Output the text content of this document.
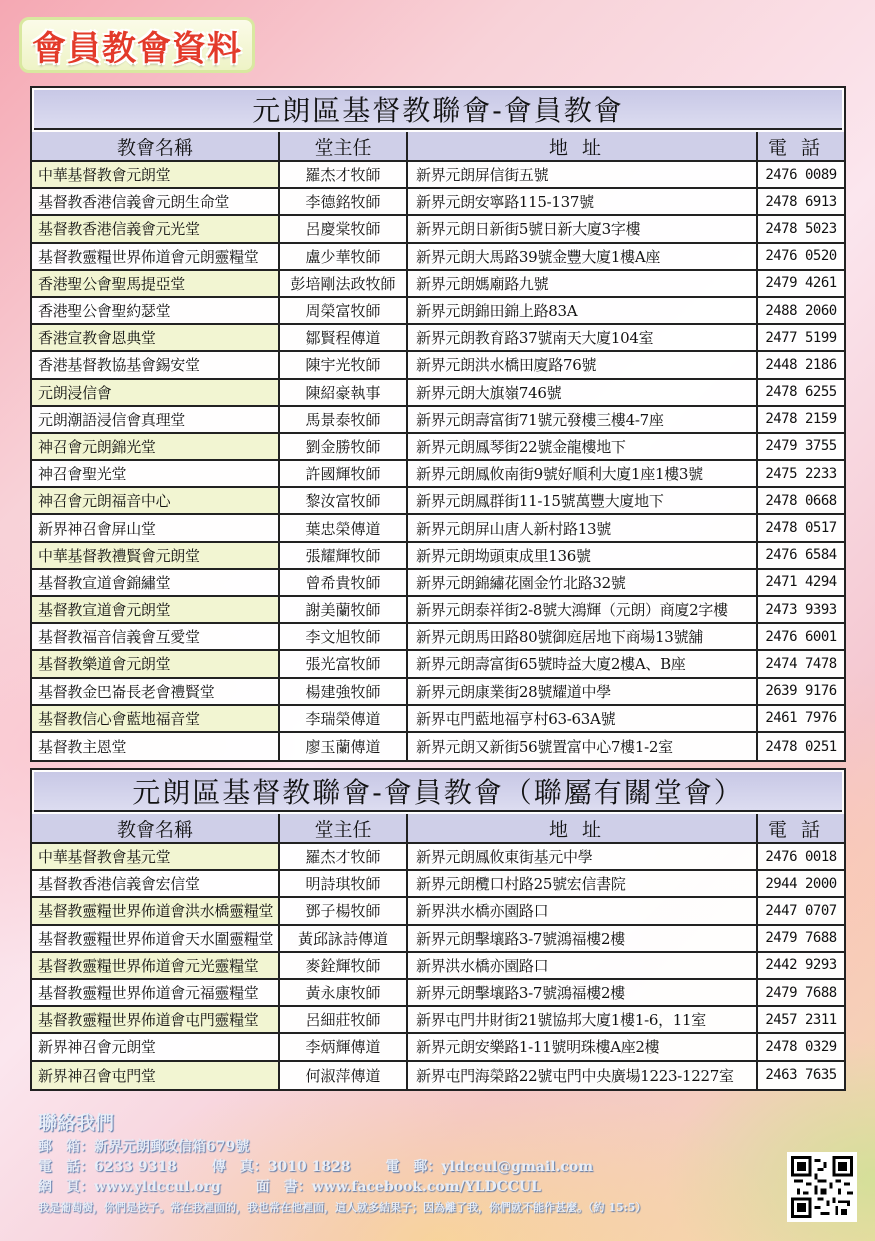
會員教會資料
元朗區基督教聯會-會員教會
教會名稱	堂主任	地址	電話
中華基督教會元朗堂	羅杰才牧師	新界元朗屏信街五號	2476 0089
基督教香港信義會元朗生命堂	李德銘牧師	新界元朗安寧路115-137號	2478 6913
基督教香港信義會元光堂	呂慶棠牧師	新界元朗日新街5號日新大廈3字樓	2478 5023
基督教靈糧世界佈道會元朗靈糧堂	盧少華牧師	新界元朗大馬路39號金豐大廈1樓A座	2476 0520
香港聖公會聖馬提亞堂	彭培剛法政牧師	新界元朗媽廟路九號	2479 4261
香港聖公會聖約瑟堂	周榮富牧師	新界元朗錦田錦上路83A	2488 2060
香港宣教會恩典堂	鄒賢程傳道	新界元朗教育路37號南天大廈104室	2477 5199
香港基督教協基會錫安堂	陳宇光牧師	新界元朗洪水橋田廈路76號	2448 2186
元朗浸信會	陳紹豪執事	新界元朗大旗嶺746號	2478 6255
元朗潮語浸信會真理堂	馬景泰牧師	新界元朗壽富街71號元發樓三樓4-7座	2478 2159
神召會元朗錦光堂	劉金勝牧師	新界元朗鳳琴街22號金龍樓地下	2479 3755
神召會聖光堂	許國輝牧師	新界元朗鳳攸南街9號好順利大廈1座1樓3號	2475 2233
神召會元朗福音中心	黎汝富牧師	新界元朗鳳群街11-15號萬豐大廈地下	2478 0668
新界神召會屏山堂	葉忠榮傳道	新界元朗屏山唐人新村路13號	2478 0517
中華基督教禮賢會元朗堂	張耀輝牧師	新界元朗坳頭東成里136號	2476 6584
基督教宣道會錦繡堂	曾希貴牧師	新界元朗錦繡花園金竹北路32號	2471 4294
基督教宣道會元朗堂	謝美蘭牧師	新界元朗泰祥街2-8號大鴻輝（元朗）商廈2字樓	2473 9393
基督教福音信義會互愛堂	李文旭牧師	新界元朗馬田路80號御庭居地下商場13號舖	2476 6001
基督教樂道會元朗堂	張光富牧師	新界元朗壽富街65號時益大廈2樓A、B座	2474 7478
基督教金巴崙長老會禮賢堂	楊建強牧師	新界元朗康業街28號耀道中學	2639 9176
基督教信心會藍地福音堂	李瑞榮傳道	新界屯門藍地福亨村63-63A號	2461 7976
基督教主恩堂	廖玉蘭傳道	新界元朗又新街56號置富中心7樓1-2室	2478 0251
元朗區基督教聯會-會員教會（聯屬有關堂會）
教會名稱	堂主任	地址	電話
中華基督教會基元堂	羅杰才牧師	新界元朗鳳攸東街基元中學	2476 0018
基督教香港信義會宏信堂	明詩琪牧師	新界元朗欖口村路25號宏信書院	2944 2000
基督教靈糧世界佈道會洪水橋靈糧堂	鄧子楊牧師	新界洪水橋亦園路口	2447 0707
基督教靈糧世界佈道會天水圍靈糧堂	黃邱詠詩傳道	新界元朗擊壤路3-7號鴻福樓2樓	2479 7688
基督教靈糧世界佈道會元光靈糧堂	麥銓輝牧師	新界洪水橋亦園路口	2442 9293
基督教靈糧世界佈道會元福靈糧堂	黃永康牧師	新界元朗擊壤路3-7號鴻福樓2樓	2479 7688
基督教靈糧世界佈道會屯門靈糧堂	呂細莊牧師	新界屯門井財街21號協邦大廈1樓1-6，11室	2457 2311
新界神召會元朗堂	李炳輝傳道	新界元朗安樂路1-11號明珠樓A座2樓	2478 0329
新界神召會屯門堂	何淑萍傳道	新界屯門海榮路22號屯門中央廣場1223-1227室	2463 7635
聯絡我們
郵　箱：新界元朗郵政信箱679號
電　話：6233 9318 傳　真：3010 1828 電　郵：yldccul@gmail.com
網　頁：www.yldccul.org 面　書：www.facebook.com/YLDCCUL
我是葡萄樹，你們是枝子。常在我裡面的，我也常在他裡面，這人就多結果子；因為離了我，你們就不能作甚麼。（約 15:5）
